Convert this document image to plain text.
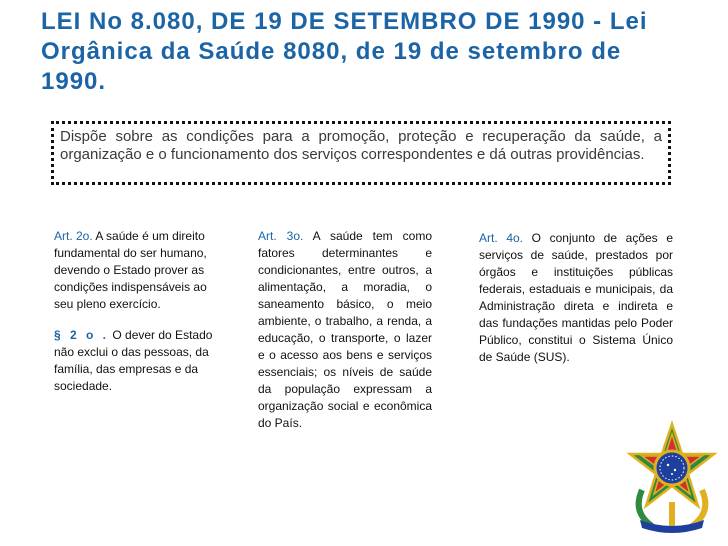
LEI No 8.080, DE 19 DE SETEMBRO DE 1990 - Lei Orgânica da Saúde 8080, de 19 de setembro de 1990.

Dispõe sobre as condições para a promoção, proteção e recuperação da saúde, a organização e o funcionamento dos serviços correspondentes e dá outras providências.

Art. 2o. A saúde é um direito fundamental do ser humano, devendo o Estado prover as condições indispensáveis ao seu pleno exercício.

§ 2 o . O dever do Estado não exclui o das pessoas, da família, das empresas e da sociedade.

Art. 3o. A saúde tem como fatores determinantes e condicionantes, entre outros, a alimentação, a moradia, o saneamento básico, o meio ambiente, o trabalho, a renda, a educação, o transporte, o lazer e o acesso aos bens e serviços essenciais; os níveis de saúde da população expressam a organização social e econômica do País.

Art. 4o. O conjunto de ações e serviços de saúde, prestados por órgãos e instituições públicas federais, estaduais e municipais, da Administração direta e indireta e das fundações mantidas pelo Poder Público, constitui o Sistema Único de Saúde (SUS).
